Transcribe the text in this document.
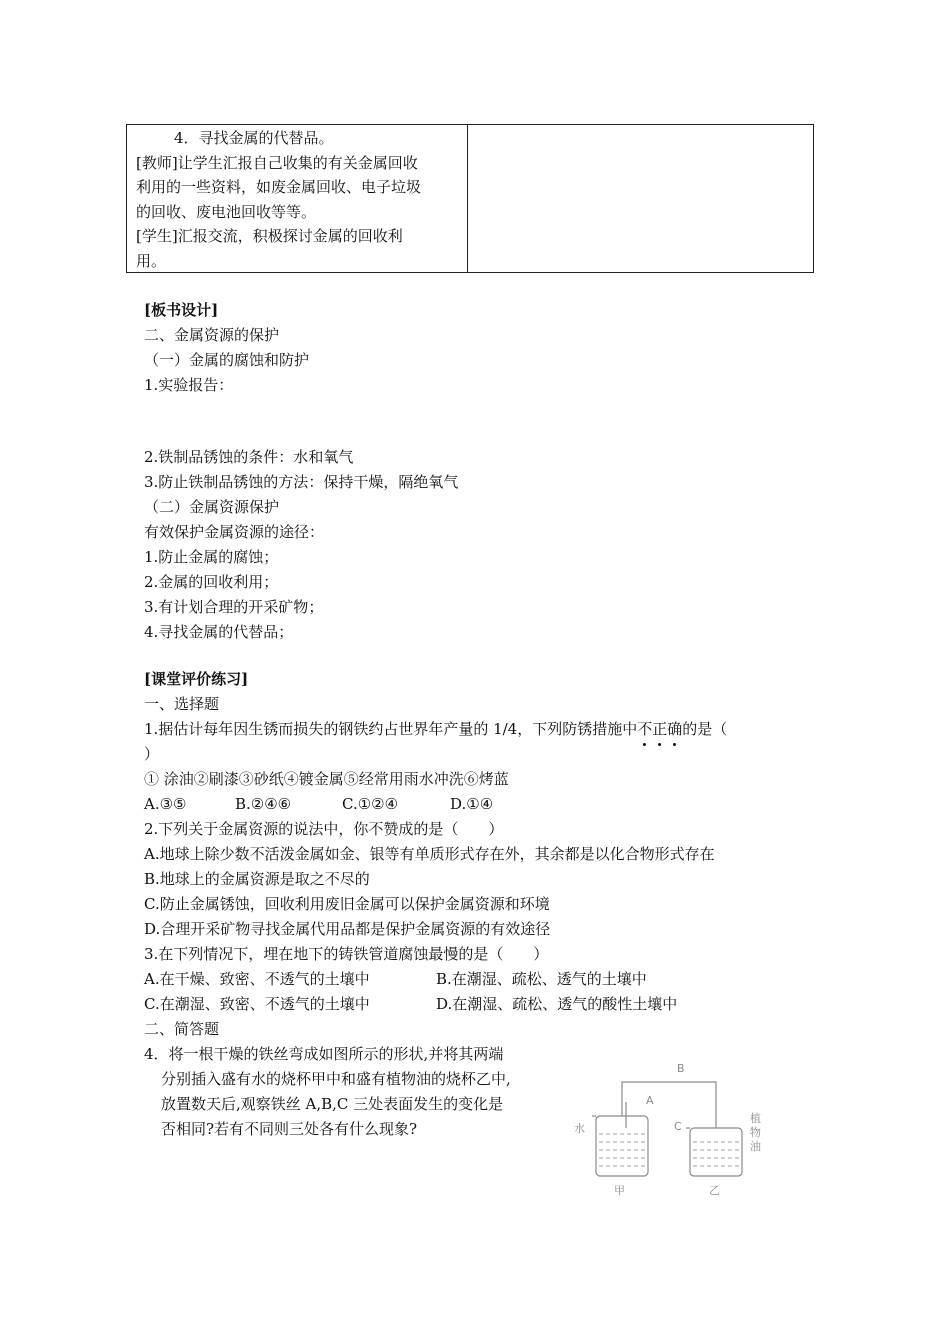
4．寻找金属的代替品。
[教师]让学生汇报自己收集的有关金属回收
利用的一些资料，如废金属回收、电子垃圾
的回收、废电池回收等等。
[学生]汇报交流，积极探讨金属的回收利
用。
[板书设计]
二、金属资源的保护
（一）金属的腐蚀和防护
1.实验报告：
2.铁制品锈蚀的条件：水和氧气
3.防止铁制品锈蚀的方法：保持干燥，隔绝氧气
（二）金属资源保护
有效保护金属资源的途径：
1.防止金属的腐蚀；
2.金属的回收利用；
3.有计划合理的开采矿物；
4.寻找金属的代替品；
[课堂评价练习]
一、选择题
1.据估计每年因生锈而损失的钢铁约占世界年产量的 1/4，下列防锈措施中不正确的是（
）
① 涂油②刷漆③砂纸④镀金属⑤经常用雨水冲洗⑥烤蓝
A.③⑤	B.②④⑥	C.①②④	D.①④
2.下列关于金属资源的说法中，你不赞成的是（　　）
A.地球上除少数不活泼金属如金、银等有单质形式存在外，其余都是以化合物形式存在
B.地球上的金属资源是取之不尽的
C.防止金属锈蚀，回收利用废旧金属可以保护金属资源和环境
D.合理开采矿物寻找金属代用品都是保护金属资源的有效途径
3.在下列情况下，埋在地下的铸铁管道腐蚀最慢的是（　　）
A.在干燥、致密、不透气的土壤中	B.在潮湿、疏松、透气的土壤中
C.在潮湿、致密、不透气的土壤中	D.在潮湿、疏松、透气的酸性土壤中
二、简答题
4．将一根干燥的铁丝弯成如图所示的形状,并将其两端
分别插入盛有水的烧杯甲中和盛有植物油的烧杯乙中,
放置数天后,观察铁丝 A,B,C 三处表面发生的变化是
否相同?若有不同则三处各有什么现象?
B
A
C
水
植
物
油
甲	乙
